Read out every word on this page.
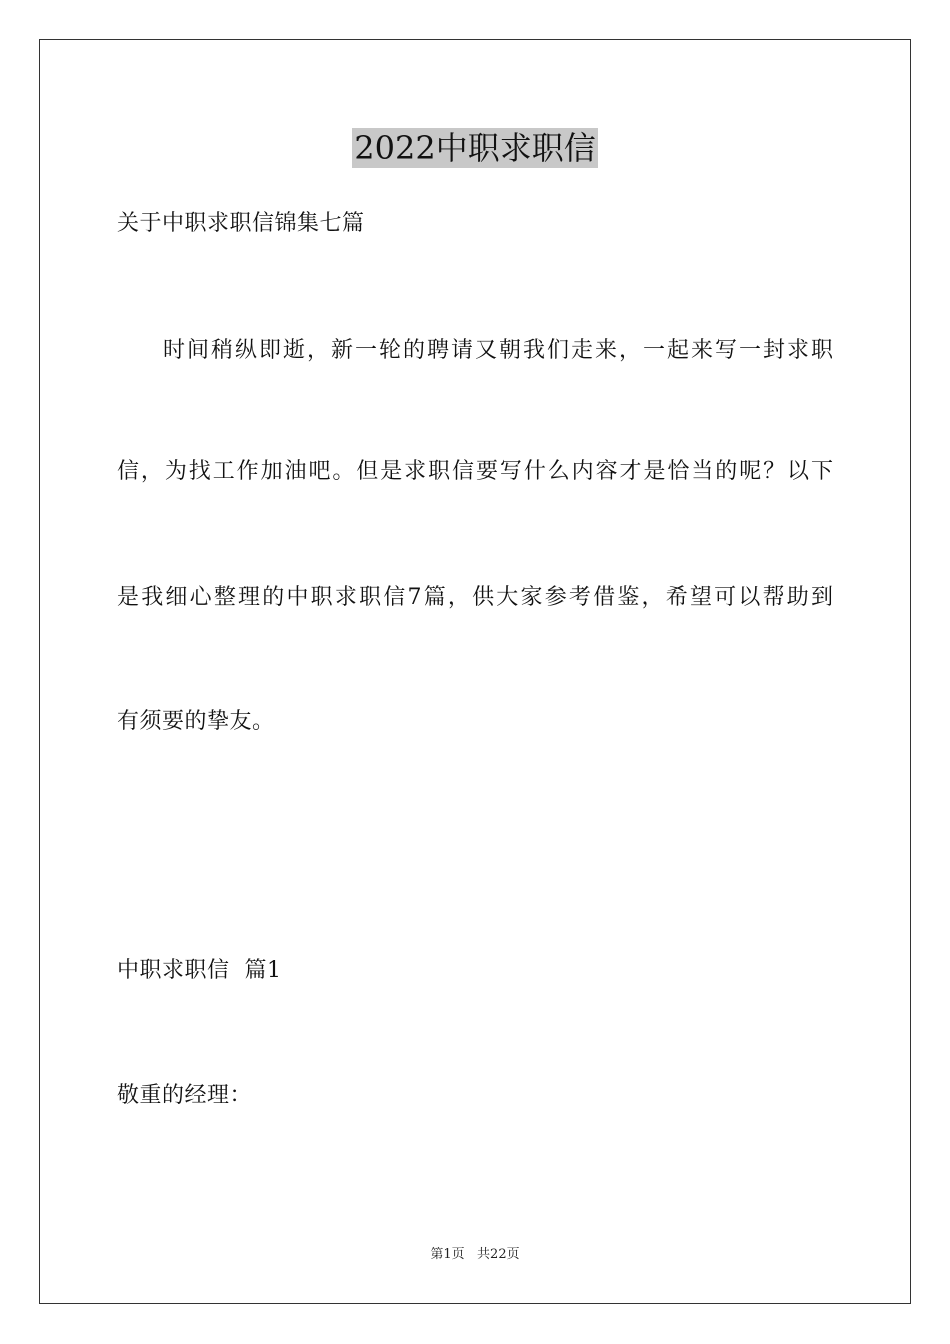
2022中职求职信
关于中职求职信锦集七篇
时间稍纵即逝，新一轮的聘请又朝我们走来，一起来写一封求职
信，为找工作加油吧。但是求职信要写什么内容才是恰当的呢？以下
是我细心整理的中职求职信7篇，供大家参考借鉴，希望可以帮助到
有须要的挚友。
中职求职信  篇1
敬重的经理：
第1页   共22页
